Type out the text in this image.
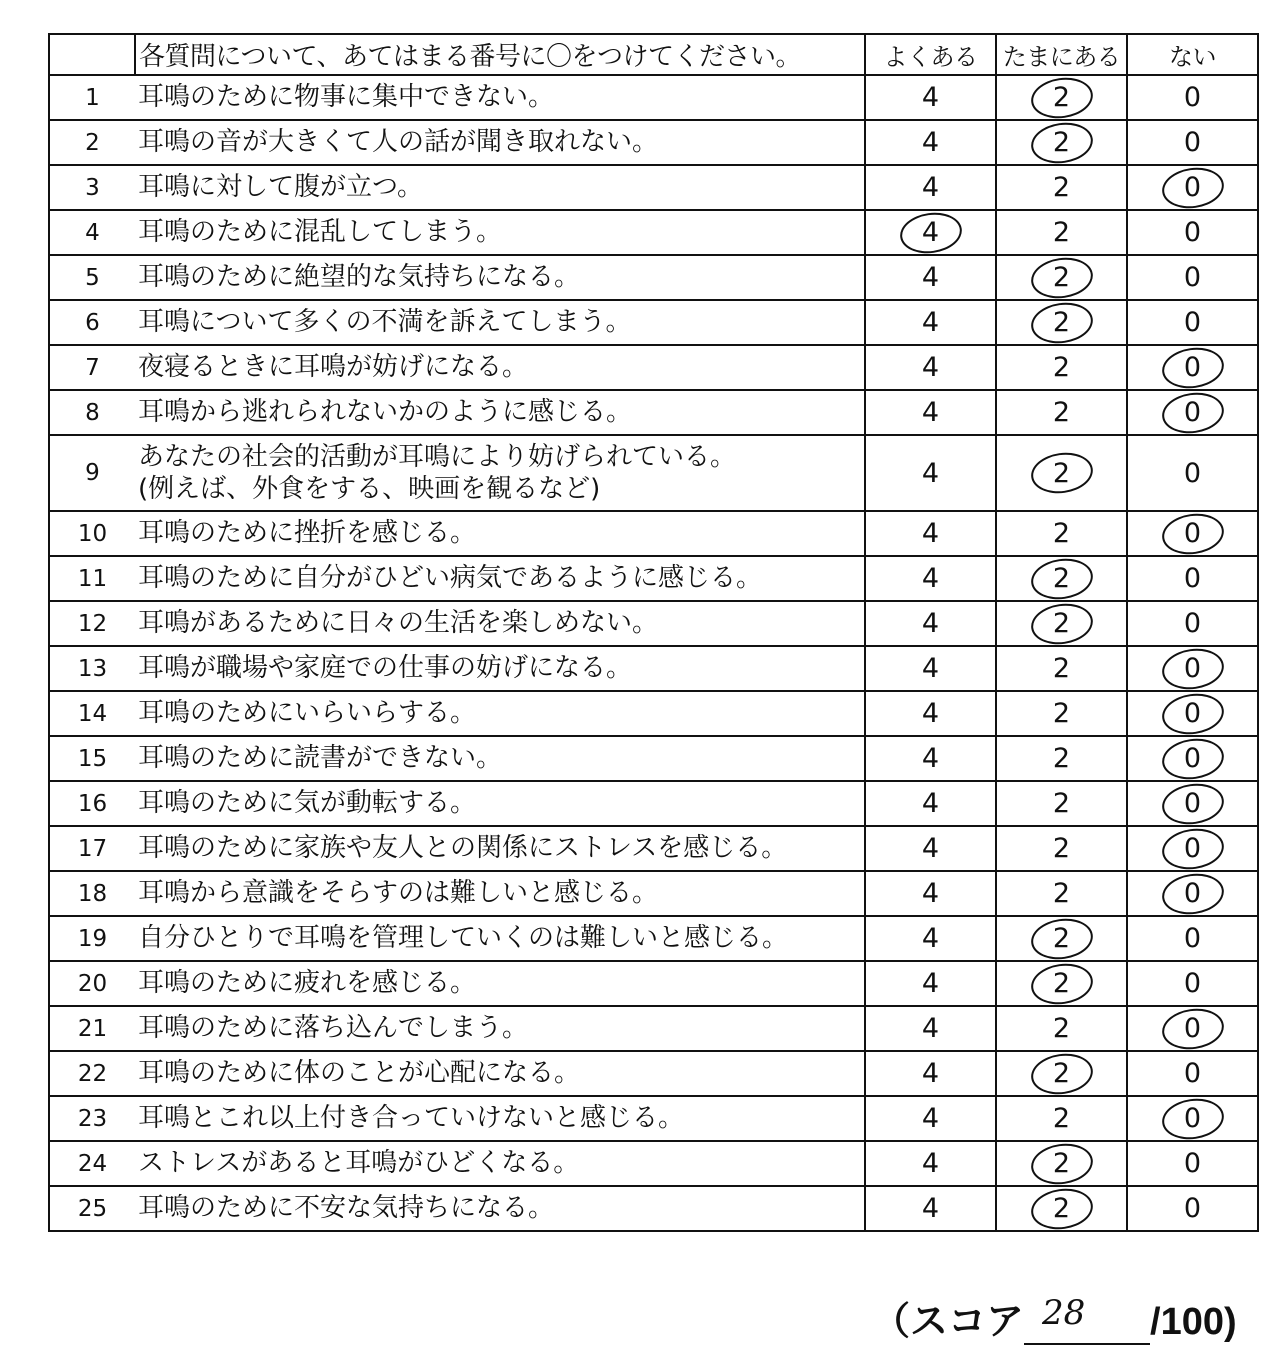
	各質問について、あてはまる番号に〇をつけてください。	よくある	たまにある	ない
1	耳鳴のために物事に集中できない。	4	2	0
2	耳鳴の音が大きくて人の話が聞き取れない。	4	2	0
3	耳鳴に対して腹が立つ。	4	2	0
4	耳鳴のために混乱してしまう。	4	2	0
5	耳鳴のために絶望的な気持ちになる。	4	2	0
6	耳鳴について多くの不満を訴えてしまう。	4	2	0
7	夜寝るときに耳鳴が妨げになる。	4	2	0
8	耳鳴から逃れられないかのように感じる。	4	2	0
9	あなたの社会的活動が耳鳴により妨げられている。
(例えば、外食をする、映画を観るなど)	4	2	0
10	耳鳴のために挫折を感じる。	4	2	0
11	耳鳴のために自分がひどい病気であるように感じる。	4	2	0
12	耳鳴があるために日々の生活を楽しめない。	4	2	0
13	耳鳴が職場や家庭での仕事の妨げになる。	4	2	0
14	耳鳴のためにいらいらする。	4	2	0
15	耳鳴のために読書ができない。	4	2	0
16	耳鳴のために気が動転する。	4	2	0
17	耳鳴のために家族や友人との関係にストレスを感じる。	4	2	0
18	耳鳴から意識をそらすのは難しいと感じる。	4	2	0
19	自分ひとりで耳鳴を管理していくのは難しいと感じる。	4	2	0
20	耳鳴のために疲れを感じる。	4	2	0
21	耳鳴のために落ち込んでしまう。	4	2	0
22	耳鳴のために体のことが心配になる。	4	2	0
23	耳鳴とこれ以上付き合っていけないと感じる。	4	2	0
24	ストレスがあると耳鳴がひどくなる。	4	2	0
25	耳鳴のために不安な気持ちになる。	4	2	0
（スコア 28 /100)
